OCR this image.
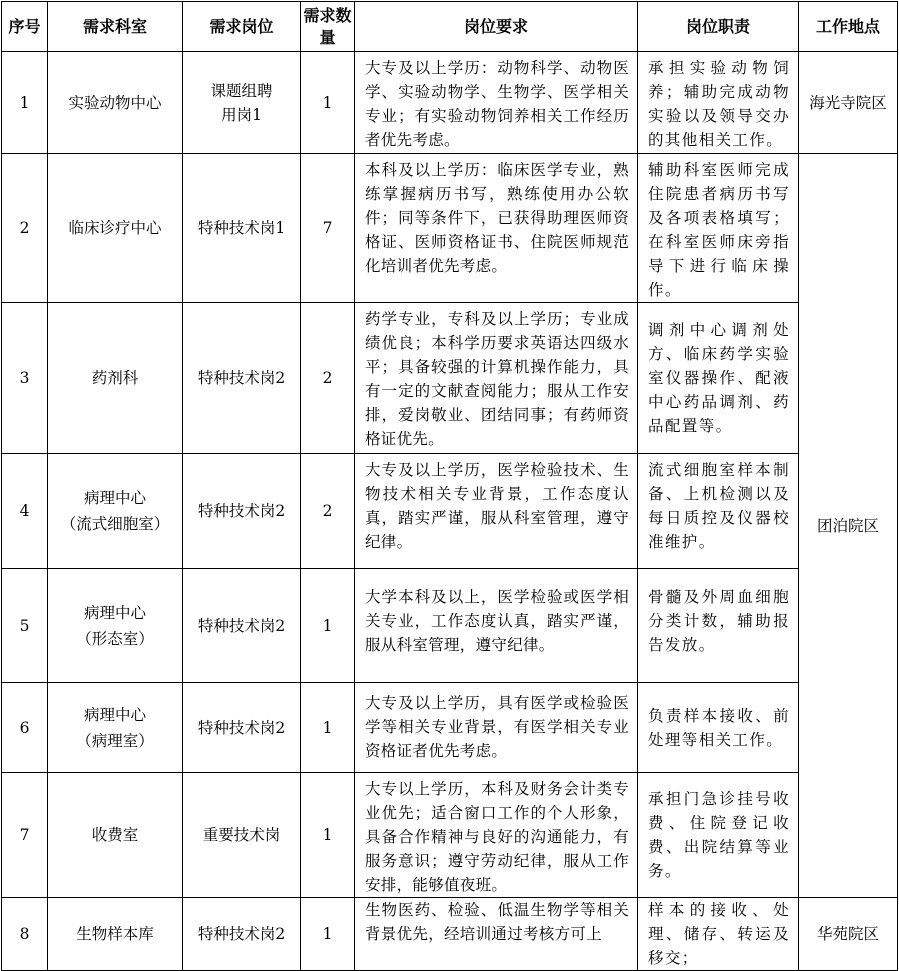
序号	需求科室	需求岗位	需求数量	岗位要求	岗位职责	工作地点
1	实验动物中心	课题组聘用岗1	1	大专及以上学历：动物科学、动物医学、实验动物学、生物学、医学相关专业；有实验动物饲养相关工作经历者优先考虑。	承担实验动物饲养；辅助完成动物实验以及领导交办的其他相关工作。	海光寺院区
2	临床诊疗中心	特种技术岗1	7	本科及以上学历：临床医学专业，熟练掌握病历书写，熟练使用办公软件；同等条件下，已获得助理医师资格证、医师资格证书、住院医师规范化培训者优先考虑。	辅助科室医师完成住院患者病历书写及各项表格填写；在科室医师床旁指导下进行临床操作。	团泊院区
3	药剂科	特种技术岗2	2	药学专业，专科及以上学历；专业成绩优良；本科学历要求英语达四级水平；具备较强的计算机操作能力，具有一定的文献查阅能力；服从工作安排，爱岗敬业、团结同事；有药师资格证优先。	调剂中心调剂处方、临床药学实验室仪器操作、配液中心药品调剂、药品配置等。	
4	病理中心
（流式细胞室）	特种技术岗2	2	大专及以上学历，医学检验技术、生物技术相关专业背景，工作态度认真，踏实严谨，服从科室管理，遵守纪律。	流式细胞室样本制备、上机检测以及每日质控及仪器校准维护。	
5	病理中心
（形态室）	特种技术岗2	1	大学本科及以上，医学检验或医学相关专业，工作态度认真，踏实严谨，服从科室管理，遵守纪律。	骨髓及外周血细胞分类计数，辅助报告发放。	
6	病理中心
（病理室）	特种技术岗2	1	大专及以上学历，具有医学或检验医学等相关专业背景，有医学相关专业资格证者优先考虑。	负责样本接收、前处理等相关工作。	
7	收费室	重要技术岗	1	大专以上学历，本科及财务会计类专业优先；适合窗口工作的个人形象，具备合作精神与良好的沟通能力，有服务意识；遵守劳动纪律，服从工作安排，能够值夜班。	承担门急诊挂号收费、住院登记收费、出院结算等业务。	
8	生物样本库	特种技术岗2	1	生物医药、检验、低温生物学等相关背景优先，经培训通过考核方可上	样本的接收、处理、储存、转运及移交；	华苑院区
